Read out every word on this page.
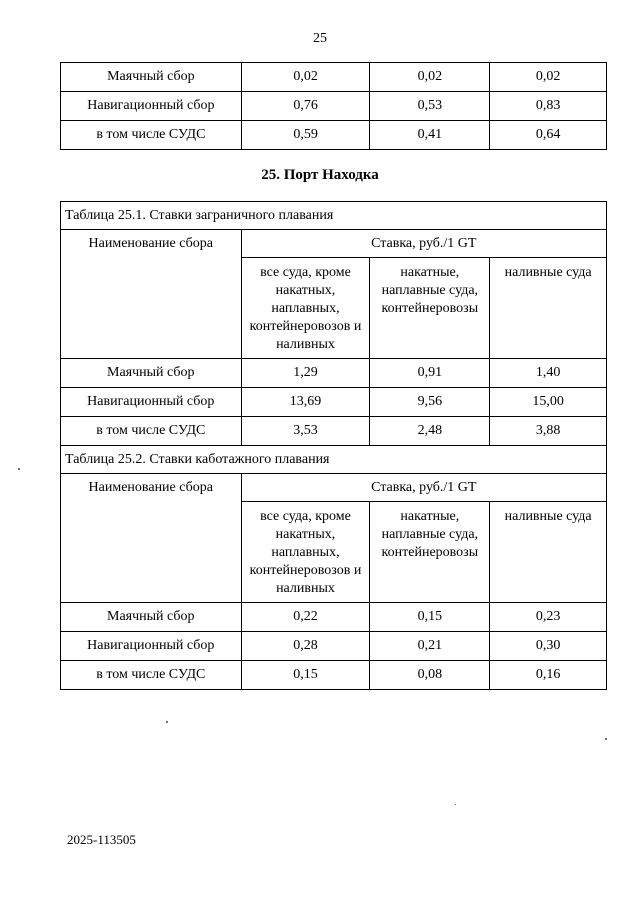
25
Маячный сбор	0,02	0,02	0,02
Навигационный сбор	0,76	0,53	0,83
в том числе СУДС	0,59	0,41	0,64
25. Порт Находка
Таблица 25.1. Ставки заграничного плавания			
Наименование сбора	Ставка, руб./1 GT		
	все суда, кроме накатных, наплавных, контейнеровозов и наливных	накатные, наплавные суда, контейнеровозы	наливные суда
Маячный сбор	1,29	0,91	1,40
Навигационный сбор	13,69	9,56	15,00
в том числе СУДС	3,53	2,48	3,88
Таблица 25.2. Ставки каботажного плавания			
Наименование сбора	Ставка, руб./1 GT		
	все суда, кроме накатных, наплавных, контейнеровозов и наливных	накатные, наплавные суда, контейнеровозы	наливные суда
Маячный сбор	0,22	0,15	0,23
Навигационный сбор	0,28	0,21	0,30
в том числе СУДС	0,15	0,08	0,16
2025-113505
